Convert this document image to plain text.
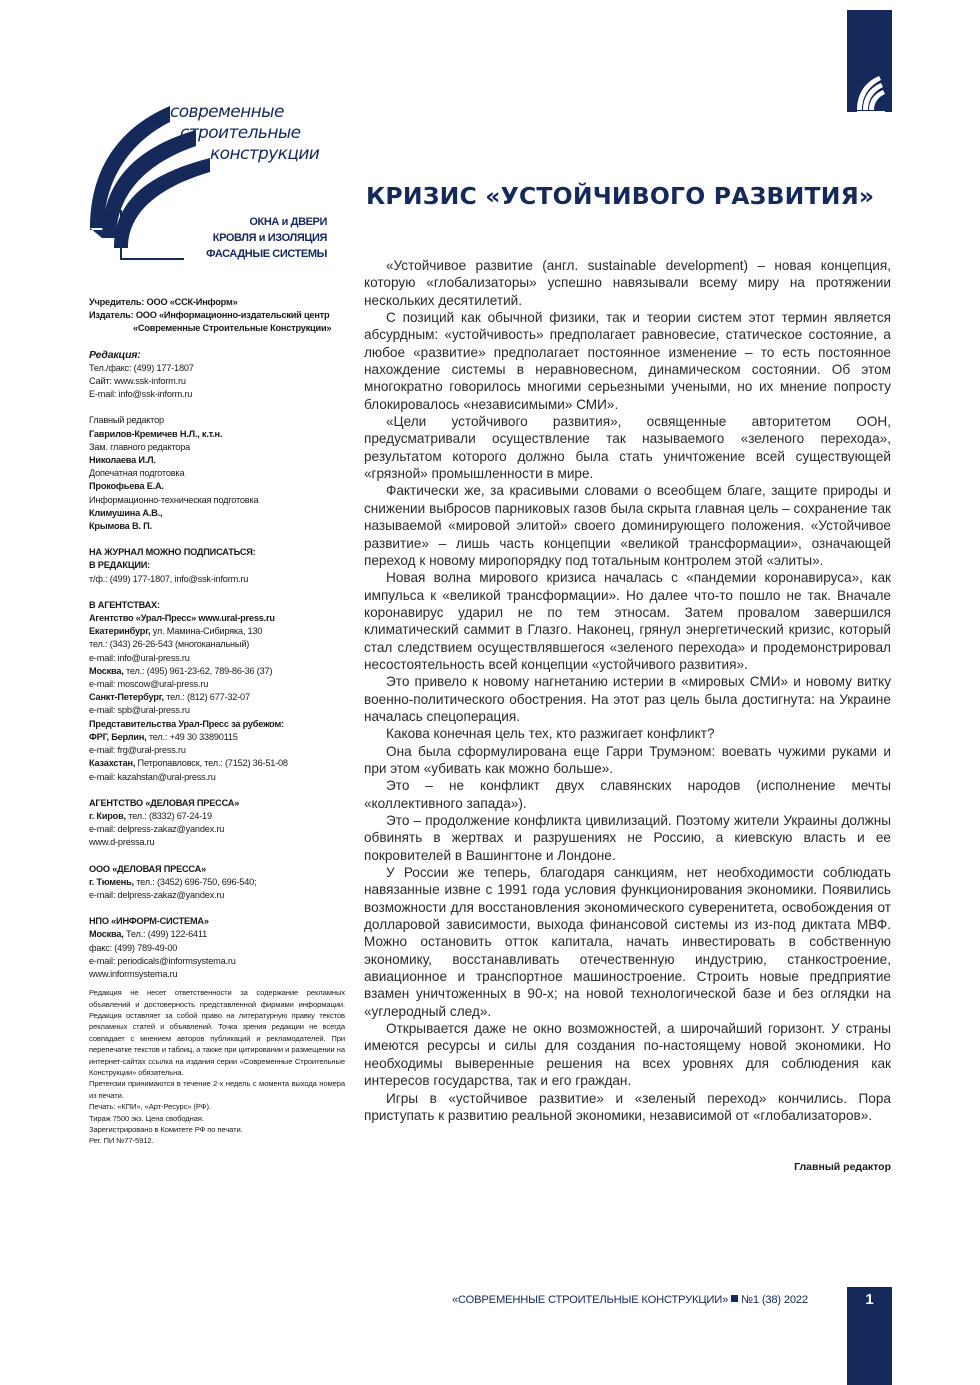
современные
строительные
конструкции
ОКНА и ДВЕРИ
КРОВЛЯ и ИЗОЛЯЦИЯ
ФАСАДНЫЕ СИСТЕМЫ
Учредитель: ООО «ССК-Информ»
Издатель: ООО «Информационно-издательский центр
«Современные Строительные Конструкции»
Редакция:
Тел./факс: (499) 177-1807
Сайт: www.ssk-inform.ru
E-mail: info@ssk-inform.ru
Главный редактор
Гаврилов-Кремичев Н.Л., к.т.н.
Зам. главного редактора
Николаева И.Л.
Допечатная подготовка
Прокофьева Е.А.
Информационно-техническая подготовка
Климушина А.В.,
Крымова В. П.
НА ЖУРНАЛ МОЖНО ПОДПИСАТЬСЯ:
В РЕДАКЦИИ:
т/ф.: (499) 177-1807, info@ssk-inform.ru
В АГЕНТСТВАХ:
Агентство «Урал-Пресс» www.ural-press.ru
Екатеринбург, ул. Мамина-Сибиряка, 130
тел.: (343) 26-26-543 (многоканальный)
e-mail: info@ural-press.ru
Москва, тел.: (495) 961-23-62, 789-86-36 (37)
e-mail: moscow@ural-press.ru
Санкт-Петербург, тел.: (812) 677-32-07
e-mail: spb@ural-press.ru
Представительства Урал-Пресс за рубежом:
ФРГ, Берлин, тел.: +49 30 33890115
e-mail: frg@ural-press.ru
Казахстан, Петропавловск, тел.: (7152) 36-51-08
e-mail: kazahstan@ural-press.ru
АГЕНТСТВО «ДЕЛОВАЯ ПРЕССА»
г. Киров, тел.: (8332) 67-24-19
e-mail: delpress-zakaz@yandex.ru
www.d-pressa.ru
ООО «ДЕЛОВАЯ ПРЕССА»
г. Тюмень, тел.: (3452) 696-750, 696-540;
e-mail: delpress-zakaz@yandex.ru
НПО «ИНФОРМ-СИСТЕМА»
Москва, Тел.: (499) 122-6411
факс: (499) 789-49-00
e-mail: periodicals@informsystema.ru
www.informsystema.ru
Редакция не несет ответственности за содержание рекламных объявлений и достоверность представленной фирмами информации. Редакция оставляет за собой право на литературную правку текстов рекламных статей и объявлений. Точка зрения редакции не всегда совпадает с мнением авторов публикаций и рекламодателей. При перепечатке текстов и таблиц, а также при цитировании и размещении на интернет-сайтах ссылка на издания серии «Современные Строительные Конструкции» обязательна.
Претензии принимаются в течение 2-х недель с момента выхода номера из печати.
Печать: «КПИ», «Арт-Ресурс» (РФ).
Тираж 7500 экз. Цена свободная.
Зарегистрировано в Комитете РФ по печати.
Рег. ПИ №77-5912.
КРИЗИС «УСТОЙЧИВОГО РАЗВИТИЯ»

«Устойчивое развитие (англ. sustainable development) – новая концепция, которую «глобализаторы» успешно навязывали всему миру на протяжении нескольких десятилетий.

С позиций как обычной физики, так и теории систем этот термин является абсурдным: «устойчивость» предполагает равновесие, статическое состояние, а любое «развитие» предполагает постоянное изменение – то есть постоянное нахождение системы в неравновесном, динамическом состоянии. Об этом многократно говорилось многими серьезными учеными, но их мнение попросту блокировалось «независимыми» СМИ».

«Цели устойчивого развития», освященные авторитетом ООН, предусматривали осуществление так называемого «зеленого перехода», результатом которого должно была стать уничтожение всей существующей «грязной» промышленности в мире.

Фактически же, за красивыми словами о всеобщем благе, защите природы и снижении выбросов парниковых газов была скрыта главная цель – сохранение так называемой «мировой элитой» своего доминирующего положения. «Устойчивое развитие» – лишь часть концепции «великой трансформации», означающей переход к новому миропорядку под тотальным контролем этой «элиты».

Новая волна мирового кризиса началась с «пандемии коронавируса», как импульса к «великой трансформации». Но далее что-то пошло не так. Вначале коронавирус ударил не по тем этносам. Затем провалом завершился климатический саммит в Глазго. Наконец, грянул энергетический кризис, который стал следствием осуществлявшегося «зеленого перехода» и продемонстрировал несостоятельность всей концепции «устойчивого развития».

Это привело к новому нагнетанию истерии в «мировых СМИ» и новому витку военно-политического обострения. На этот раз цель была достигнута: на Украине началась спецоперация.

Какова конечная цель тех, кто разжигает конфликт?

Она была сформулирована еще Гарри Трумэном: воевать чужими руками и при этом «убивать как можно больше».

Это – не конфликт двух славянских народов (исполнение мечты «коллективного запада»).

Это – продолжение конфликта цивилизаций. Поэтому жители Украины должны обвинять в жертвах и разрушениях не Россию, а киевскую власть и ее покровителей в Вашингтоне и Лондоне.

У России же теперь, благодаря санкциям, нет необходимости соблюдать навязанные извне с 1991 года условия функционирования экономики. Появились возможности для восстановления экономического суверенитета, освобождения от долларовой зависимости, выхода финансовой системы из из-под диктата МВФ. Можно остановить отток капитала, начать инвестировать в собственную экономику, восстанавливать отечественную индустрию, станкостроение, авиационное и транспортное машиностроение. Строить новые предприятие взамен уничтоженных в 90-х; на новой технологической базе и без оглядки на «углеродный след».

Открывается даже не окно возможностей, а широчайший горизонт. У страны имеются ресурсы и силы для создания по-настоящему новой экономики. Но необходимы выверенные решения на всех уровнях для соблюдения как интересов государства, так и его граждан.

Игры в «устойчивое развитие» и «зеленый переход» кончились. Пора приступать к развитию реальной экономики, независимой от «глобализаторов».

Главный редактор
«СОВРЕМЕННЫЕ СТРОИТЕЛЬНЫЕ КОНСТРУКЦИИ» №1 (38) 2022	1
